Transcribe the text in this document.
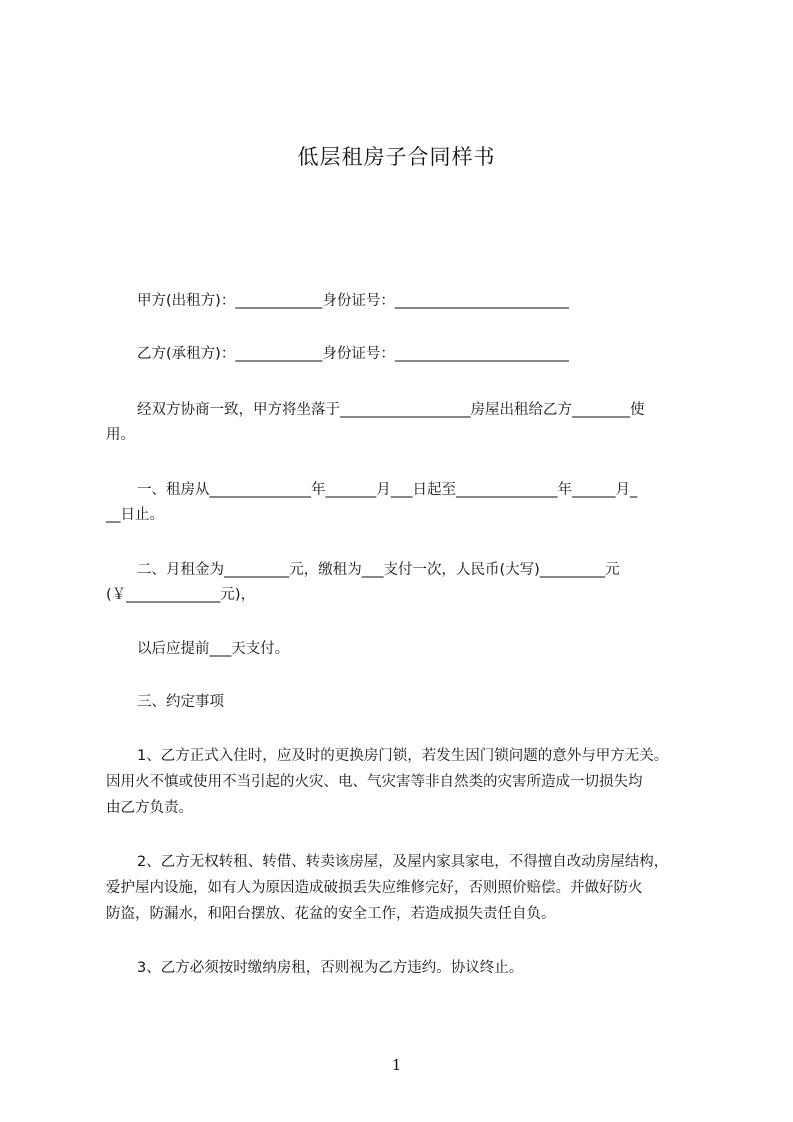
低层租房子合同样书
甲方(出租方)：____________身份证号：________________________
乙方(承租方)：____________身份证号：________________________
经双方协商一致，甲方将坐落于__________________房屋出租给乙方________使
用。
一、租房从______________年_______月___日起至______________年______月_
__日止。
二、月租金为_________元，缴租为___支付一次，人民币(大写)_________元
(￥_____________元)，
以后应提前___天支付。
三、约定事项
1、乙方正式入住时，应及时的更换房门锁，若发生因门锁问题的意外与甲方无关。
因用火不慎或使用不当引起的火灾、电、气灾害等非自然类的灾害所造成一切损失均
由乙方负责。
2、乙方无权转租、转借、转卖该房屋，及屋内家具家电，不得擅自改动房屋结构，
爱护屋内设施，如有人为原因造成破损丢失应维修完好，否则照价赔偿。并做好防火
防盗，防漏水，和阳台摆放、花盆的安全工作，若造成损失责任自负。
3、乙方必须按时缴纳房租，否则视为乙方违约。协议终止。
1
